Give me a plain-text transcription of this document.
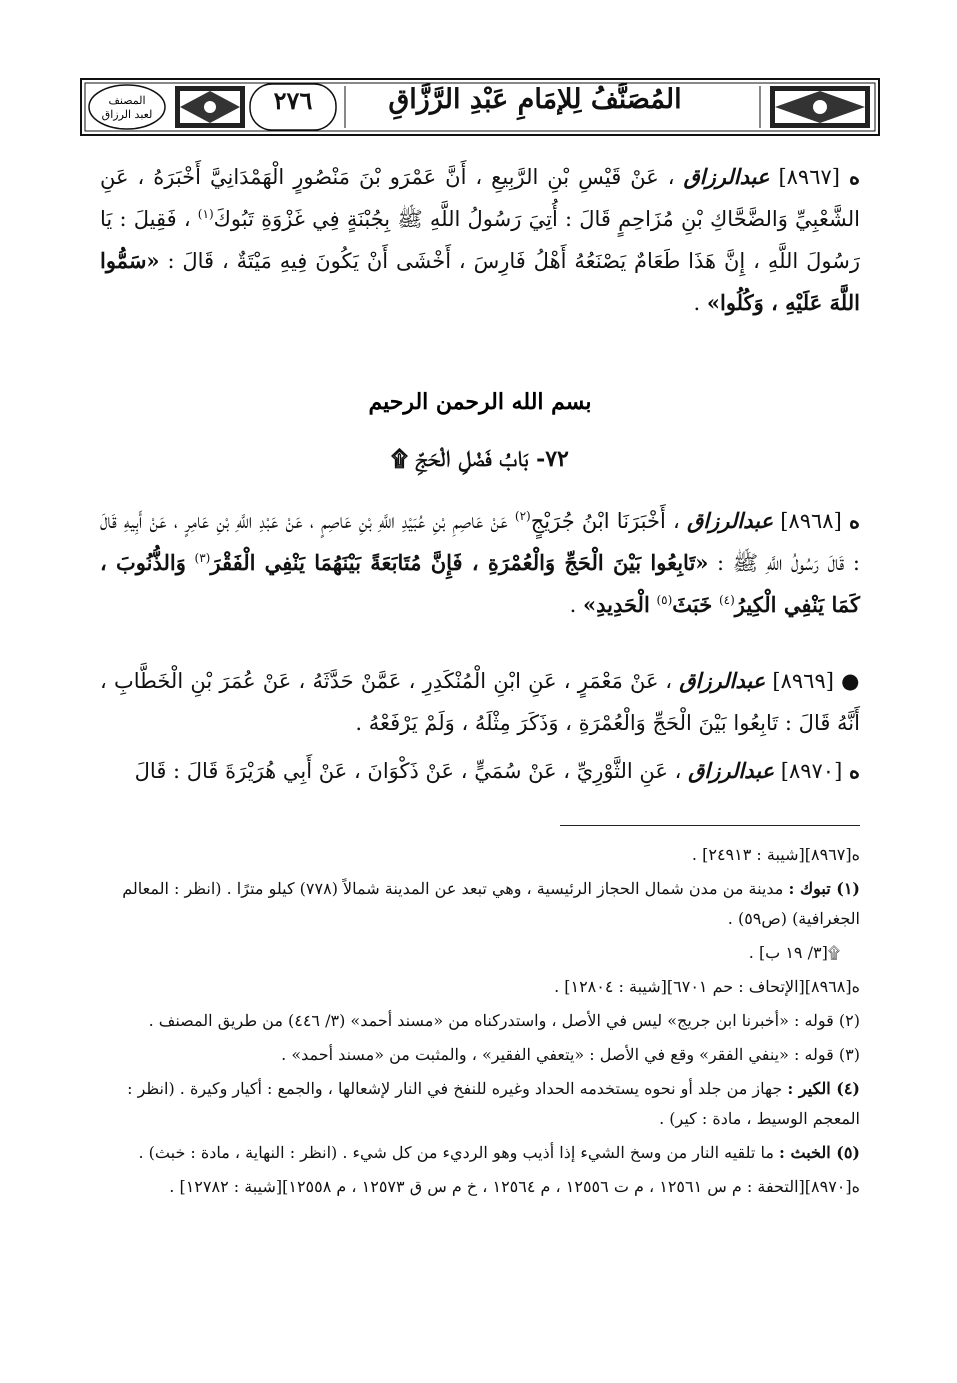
المصنف
لعبد الرزاق	٢٧٦	المُصَنَّفُ لِلإمَامِ عَبْدِ الرَّزَّاقِ

ه [٨٩٦٧] عبدالرزاق ، عَنْ قَيْسِ بْنِ الرَّبِيعِ ، أَنَّ عَمْرَو بْنَ مَنْصُورٍ الْهَمْدَانِيَّ أَخْبَرَهُ ، عَنِ الشَّعْبِيِّ وَالضَّحَّاكِ بْنِ مُزَاحِمٍ قَالَ : أُتِيَ رَسُولُ اللَّهِ ﷺ بِجُبْنَةٍ فِي غَزْوَةِ تَبُوكَ$^{(١)}$ ، فَقِيلَ : يَا رَسُولَ اللَّهِ ، إِنَّ هَذَا طَعَامٌ يَصْنَعُهُ أَهْلُ فَارِسَ ، أَخْشَى أَنْ يَكُونَ فِيهِ مَيْتَةٌ ، قَالَ : «سَمُّوا اللَّهَ عَلَيْهِ ، وَكُلُوا» .

بسم الله الرحمن الرحيم
٧٢- بَابُ فَضْلِ الْحَجِّ ۩

ه [٨٩٦٨] عبدالرزاق ، أَخْبَرَنَا ابْنُ جُرَيْجٍ$^{(٢)}$ عَنْ عَاصِمِ بْنِ عُبَيْدِ اللَّهِ بْنِ عَاصِمٍ ، عَنْ عَبْدِ اللَّهِ بْنِ عَامِرٍ ، عَنْ أَبِيهِ قَالَ : قَالَ رَسُولُ اللَّهِ ﷺ : «تَابِعُوا بَيْنَ الْحَجِّ وَالْعُمْرَةِ ، فَإِنَّ مُتَابَعَةً بَيْنَهُمَا يَنْفِي الْفَقْرَ$^{(٣)}$ وَالذُّنُوبَ ، كَمَا يَنْفِي الْكِيرُ$^{(٤)}$ خَبَثَ$^{(٥)}$ الْحَدِيدِ» .

● [٨٩٦٩] عبدالرزاق ، عَنْ مَعْمَرٍ ، عَنِ ابْنِ الْمُنْكَدِرِ ، عَمَّنْ حَدَّثَهُ ، عَنْ عُمَرَ بْنِ الْخَطَّابِ ، أَنَّهُ قَالَ : تَابِعُوا بَيْنَ الْحَجِّ وَالْعُمْرَةِ ، وَذَكَرَ مِثْلَهُ ، وَلَمْ يَرْفَعْهُ .

ه [٨٩٧٠] عبدالرزاق ، عَنِ الثَّوْرِيِّ ، عَنْ سُمَيٍّ ، عَنْ ذَكْوَانَ ، عَنْ أَبِي هُرَيْرَةَ قَالَ : قَالَ

ه[٨٩٦٧][شيبة : ٢٤٩١٣] .

(١) تبوك : مدينة من مدن شمال الحجاز الرئيسية ، وهي تبعد عن المدينة شمالاً (٧٧٨) كيلو مترًا . (انظر : المعالم الجغرافية) (ص٥٩) .

۩[٣/ ١٩ ب] .

ه[٨٩٦٨][الإتحاف : حم ٦٧٠١][شيبة : ١٢٨٠٤] .

(٢) قوله : «أخبرنا ابن جريج» ليس في الأصل ، واستدركناه من «مسند أحمد» (٣/ ٤٤٦) من طريق المصنف .

(٣) قوله : «ينفي الفقر» وقع في الأصل : «يتعفي الفقير» ، والمثبت من «مسند أحمد» .

(٤) الكير : جهاز من جلد أو نحوه يستخدمه الحداد وغيره للنفخ في النار لإشعالها ، والجمع : أكيار وكيرة . (انظر : المعجم الوسيط ، مادة : كير) .

(٥) الخبث : ما تلقيه النار من وسخ الشيء إذا أذيب وهو الرديء من كل شيء . (انظر : النهاية ، مادة : خبث) .

ه[٨٩٧٠][التحفة : م س ١٢٥٦١ ، م ت ١٢٥٥٦ ، م ١٢٥٦٤ ، خ م س ق ١٢٥٧٣ ، م ١٢٥٥٨][شيبة : ١٢٧٨٢] .
